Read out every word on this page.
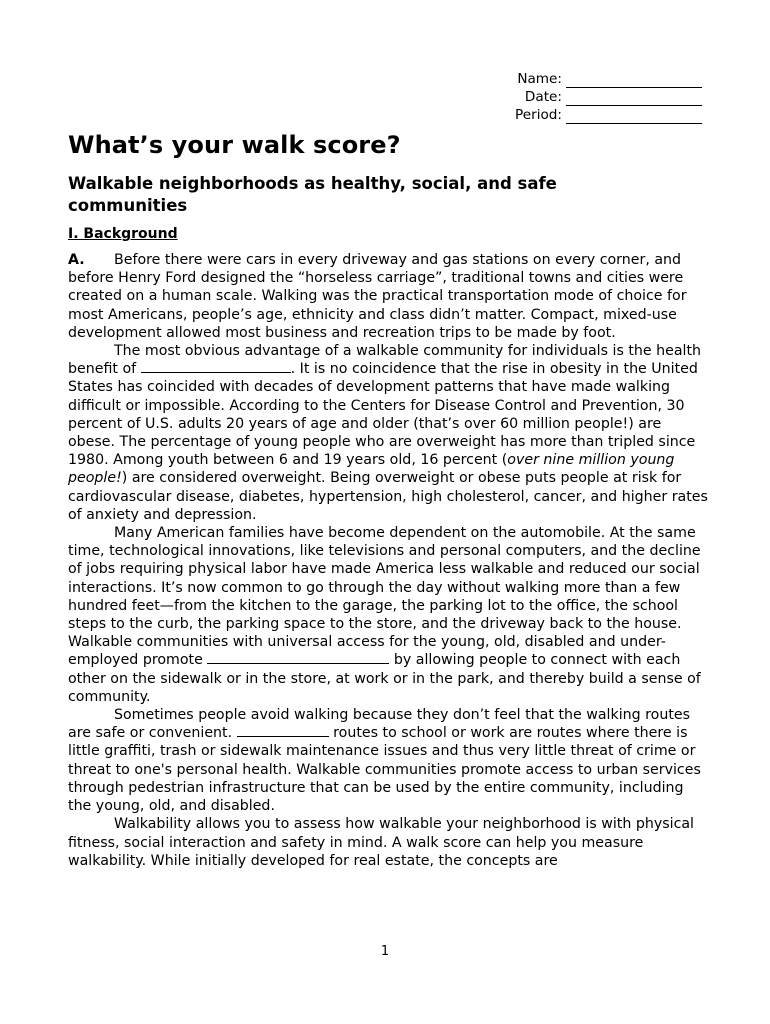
Name:
Date:
Period:
What’s your walk score?
Walkable neighborhoods as healthy, social, and safe communities
I. Background

A. Before there were cars in every driveway and gas stations on every corner, and before Henry Ford designed the “horseless carriage”, traditional towns and cities were created on a human scale. Walking was the practical transportation mode of choice for most Americans, people’s age, ethnicity and class didn’t matter. Compact, mixed-use development allowed most business and recreation trips to be made by foot.

The most obvious advantage of a walkable community for individuals is the health benefit of	. It is no coincidence that the rise in obesity in the United States has coincided with decades of development patterns that have made walking difficult or impossible. According to the Centers for Disease Control and Prevention, 30 percent of U.S. adults 20 years of age and older (that’s over 60 million people!) are obese. The percentage of young people who are overweight has more than tripled since 1980. Among youth between 6 and 19 years old, 16 percent (over nine million young people!) are considered overweight. Being overweight or obese puts people at risk for cardiovascular disease, diabetes, hypertension, high cholesterol, cancer, and higher rates of anxiety and depression.

Many American families have become dependent on the automobile. At the same time, technological innovations, like televisions and personal computers, and the decline of jobs requiring physical labor have made America less walkable and reduced our social interactions. It’s now common to go through the day without walking more than a few hundred feet—from the kitchen to the garage, the parking lot to the office, the school steps to the curb, the parking space to the store, and the driveway back to the house. Walkable communities with universal access for the young, old, disabled and under-employed promote	by allowing people to connect with each other on the sidewalk or in the store, at work or in the park, and thereby build a sense of community.

Sometimes people avoid walking because they don’t feel that the walking routes are safe or convenient.	routes to school or work are routes where there is little graffiti, trash or sidewalk maintenance issues and thus very little threat of crime or threat to one's personal health. Walkable communities promote access to urban services through pedestrian infrastructure that can be used by the entire community, including the young, old, and disabled.

Walkability allows you to assess how walkable your neighborhood is with physical fitness, social interaction and safety in mind. A walk score can help you measure walkability. While initially developed for real estate, the concepts are

1
